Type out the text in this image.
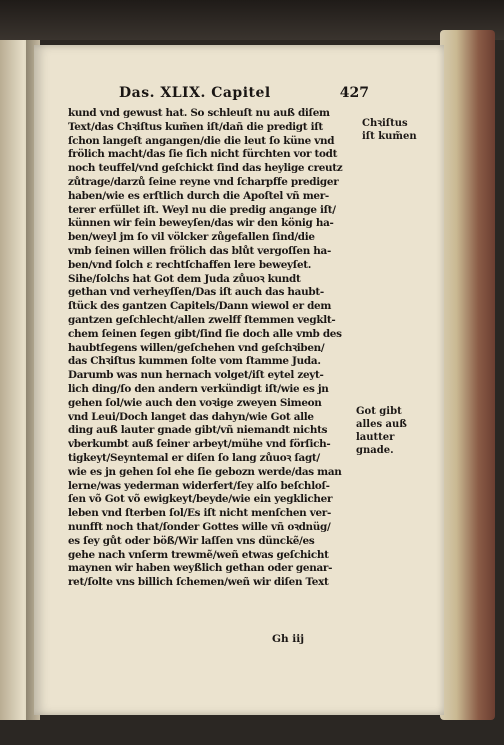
Das. XLIX. Capitel	427
kund vnd gewust hat. So schleuſt nu auß diſem
Text/das Chꝛiſtus kum̃en iſt/dañ die predigt iſt
ſchon langeſt angangen/die die leut ſo küne vnd
frölich macht/das ſie ſich nicht fürchten vor todt
noch teuffel/vnd geſchickt ſind das heylige creutz
zůtrage/darzů ſeine reyne vnd ſcharpffe prediger
haben/wie es erſtlich durch die Apoſtel vñ mer-
terer erfüllet iſt. Weyl nu die predig angange iſt/
künnen wir fein beweyſen/das wir den könig ha-
ben/weyl jm ſo vil völcker zůgefallen ſind/die
vmb ſeinen willen frölich das blůt vergoſſen ha-
ben/vnd ſolch ε rechtſchaffen lere beweyſet.
Sihe/ſolchs hat Got dem Juda zůuoꝛ kundt
gethan vnd verheyſſen/Das iſt auch das haubt-
ſtück des gantzen Capitels/Dann wiewol er dem
gantzen geſchlecht/allen zwelff ſtemmen vegklt-
chem ſeinen ſegen gibt/ſind ſie doch alle vmb des
haubtſegens willen/geſchehen vnd geſchꝛiben/
das Chꝛiſtus kummen ſolte vom ſtamme Juda.
Darumb was nun hernach volget/iſt eytel zeyt-
lich ding/ſo den andern verkündigt iſt/wie es jn
gehen ſol/wie auch den voꝛige zweyen Simeon
vnd Leui/Doch langet das dahyn/wie Got alle
ding auß lauter gnade gibt/vñ niemandt nichts
vberkumbt auß ſeiner arbeyt/mühe vnd förſich-
tigkeyt/Seyntemal er diſen ſo lang zůuoꝛ ſagt/
wie es jn gehen ſol ehe ſie gebozn werde/das man
lerne/was yederman widerfert/ſey alſo beſchloſ-
ſen võ Got võ ewigkeyt/beyde/wie ein yegklicher
leben vnd ſterben ſol/Es iſt nicht menſchen ver-
nunfft noch that/ſonder Gottes wille vñ oꝛdnüg/
es ſey gůt oder böß/Wir laſſen vns dünckẽ/es
gehe nach vnſerm trewmẽ/weñ etwas geſchicht
maynen wir haben weyßlich gethan oder genar-
ret/ſolte vns billich ſchemen/weñ wir diſen Text
Chꝛiſtus
iſt kum̃en
Got gibt
alles auß
lautter
gnade.
Gh iij
